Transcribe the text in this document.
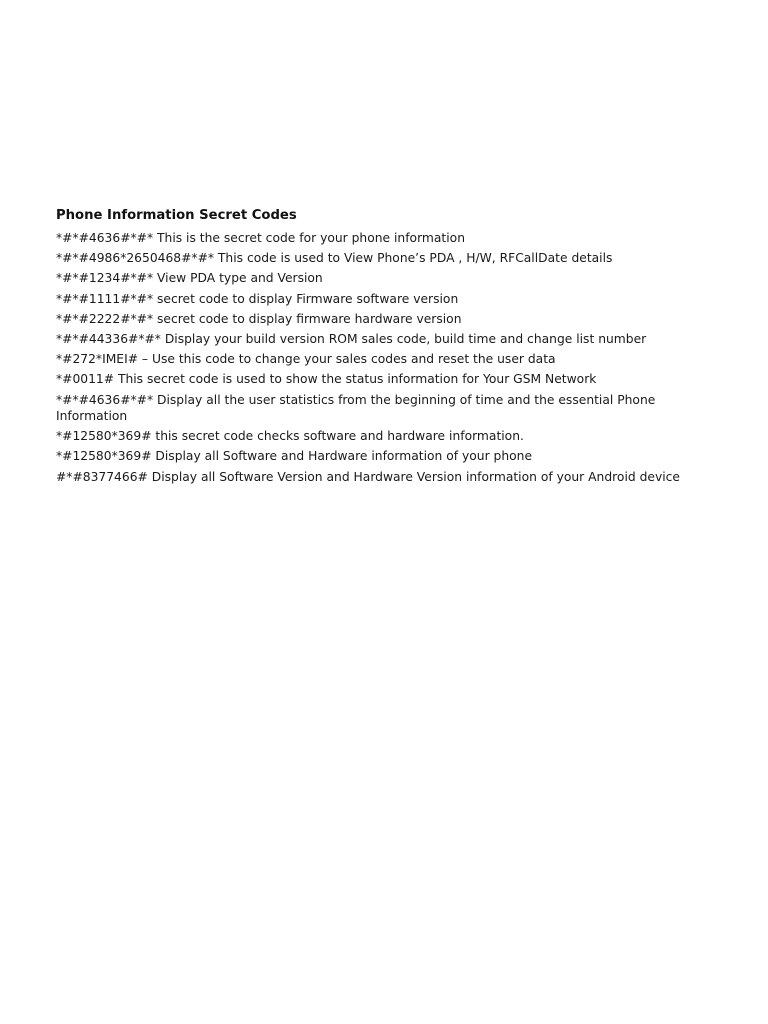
Phone Information Secret Codes
*#*#4636#*#* This is the secret code for your phone information
*#*#4986*2650468#*#* This code is used to View Phone’s PDA , H/W, RFCallDate details
*#*#1234#*#* View PDA type and Version
*#*#1111#*#* secret code to display Firmware software version
*#*#2222#*#* secret code to display firmware hardware version
*#*#44336#*#* Display your build version ROM sales code, build time and change list number
*#272*IMEI# – Use this code to change your sales codes and reset the user data
*#0011# This secret code is used to show the status information for Your GSM Network
*#*#4636#*#* Display all the user statistics from the beginning of time and the essential Phone Information
*#12580*369# this secret code checks software and hardware information.
*#12580*369# Display all Software and Hardware information of your phone
#*#8377466# Display all Software Version and Hardware Version information of your Android device
